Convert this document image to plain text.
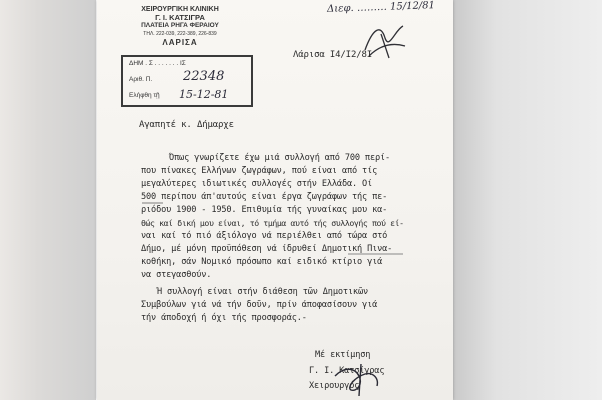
Διεφ. ……… 15/12/81
ΧΕΙΡΟΥΡΓΙΚΗ ΚΛΙΝΙΚΗ
Γ. Ι. ΚΑΤΣΙΓΡΑ
ΠΛΑΤΕΙΑ ΡΗΓΑ ΦΕΡΑΙΟΥ
ΤΗΛ. 222-039, 222-389, 226-839
ΛΑΡΙΣΑ
ΔΗΜ . Σ . . . . . . . ΙΣ
Αριθ. Π.
Ελήφθη τῇ
22348
15-12-81
Λάρισα I4/I2/8I
Αγαπητέ κ. Δήμαρχε
Όπως γνωρίζετε έχω μιά συλλογή από 700 περί-
που πίνακες Ελλήνων ζωγράφων, πού είναι από τίς
μεγαλύτερες ιδιωτικές συλλογές στήν Ελλάδα. Οί
500 περίπου άπ'αυτούς είναι έργα ζωγράφων τής πε-
ριόδου 1900 - 1950. Επιθυμία τής γυναίκας μου κα-
θώς καί δική μου είναι, τό τμήμα αυτό τής συλλογής πού εί-
ναι καί τό πιό άξιόλογο νά περιέλθει από τώρα στό
Δήμο, μέ μόνη προϋπόθεση νά ίδρυθεί Δημοτική Πινα-
κοθήκη, σάν Νομικό πρόσωπο καί ειδικό κτίριο γιά
να στεγασθούν.
Ή συλλογή είναι στήν διάθεση τῶν Δημοτικῶν
Συμβούλων γιά νά τήν δοῦν, πρίν άποφασίσουν γιά
τήν άποδοχή ή όχι τής προσφοράς.-
Μέ εκτίμηση
Γ. Ι. Κατσίγρας
Χειρουργός
